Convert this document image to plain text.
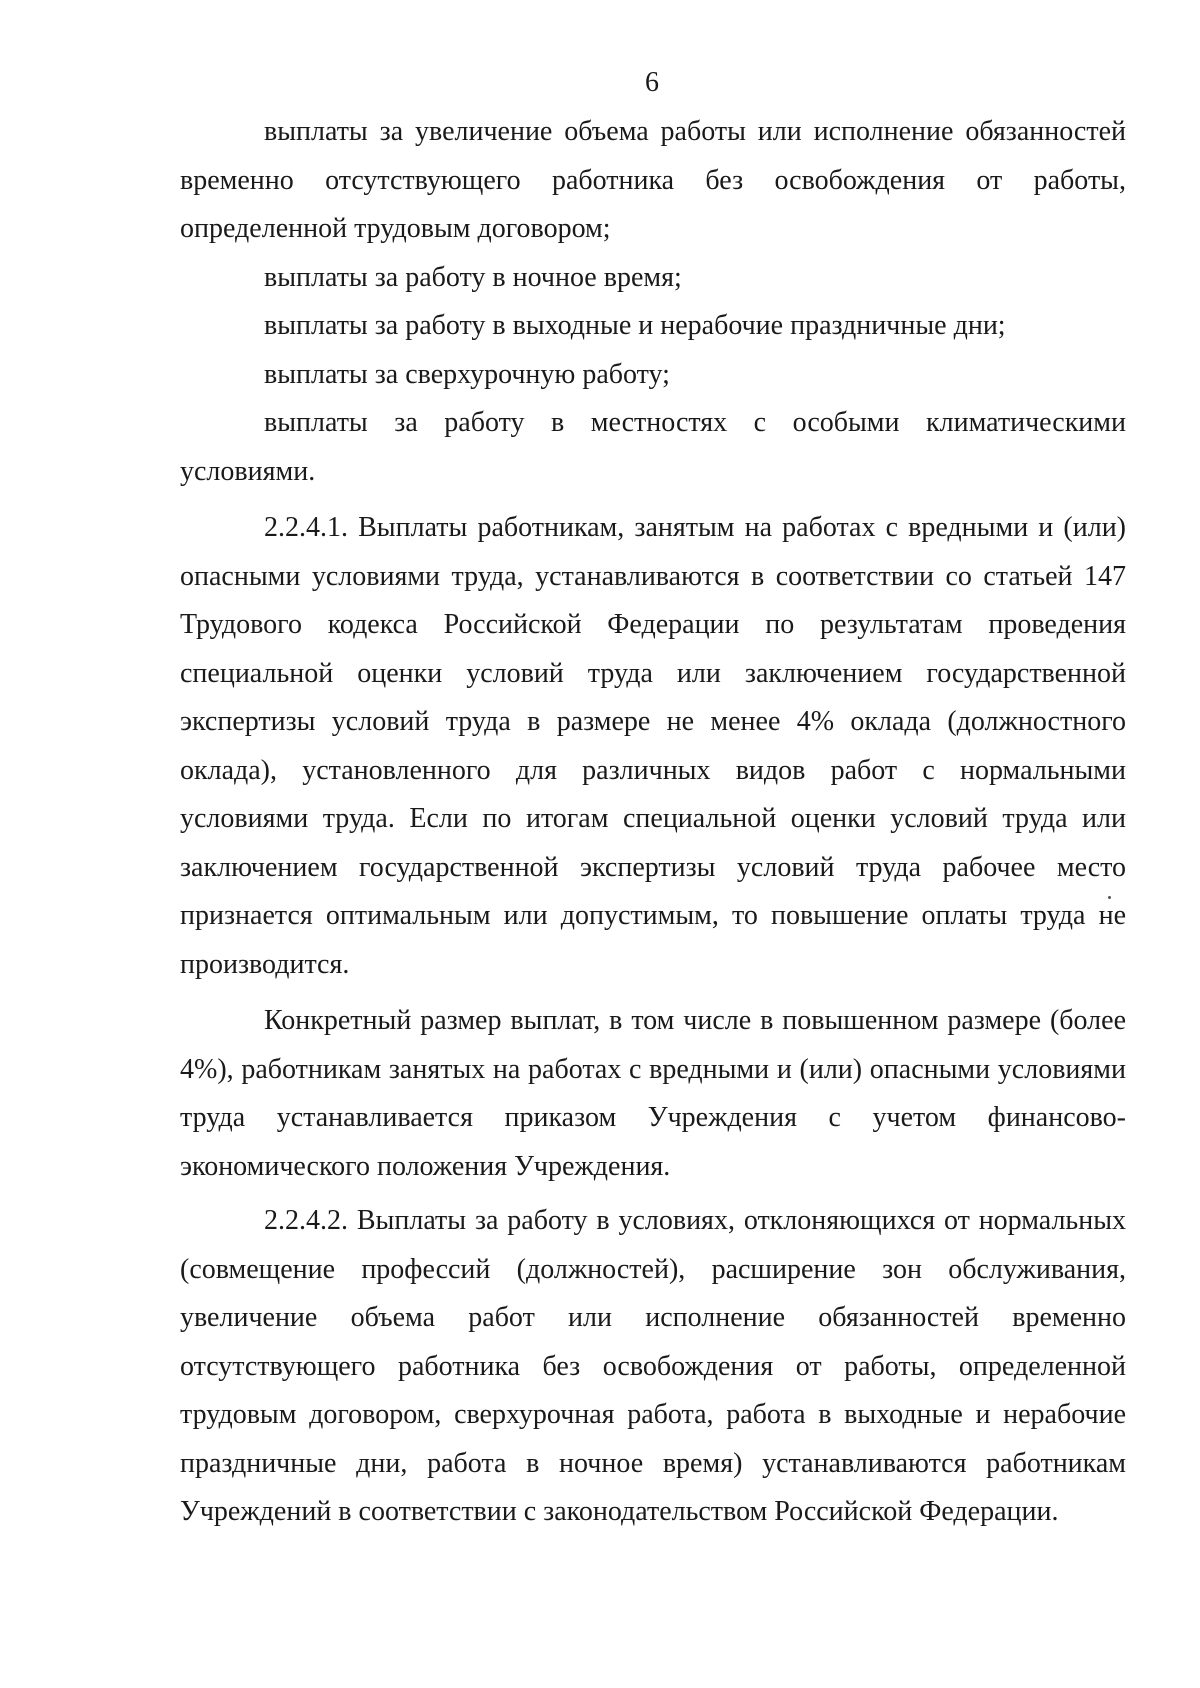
6

выплаты за увеличение объема работы или исполнение обязанностей временно отсутствующего работника без освобождения от работы, определенной трудовым договором;

выплаты за работу в ночное время;

выплаты за работу в выходные и нерабочие праздничные дни;

выплаты за сверхурочную работу;

выплаты за работу в местностях с особыми климатическими условиями.

2.2.4.1. Выплаты работникам, занятым на работах с вредными и (или) опасными условиями труда, устанавливаются в соответствии со статьей 147 Трудового кодекса Российской Федерации по результатам проведения специальной оценки условий труда или заключением государственной экспертизы условий труда в размере не менее 4% оклада (должностного оклада), установленного для различных видов работ с нормальными условиями труда. Если по итогам специальной оценки условий труда или заключением государственной экспертизы условий труда рабочее место признается оптимальным или допустимым, то повышение оплаты труда не производится.

Конкретный размер выплат, в том числе в повышенном размере (более 4%), работникам занятых на работах с вредными и (или) опасными условиями труда устанавливается приказом Учреждения с учетом финансово-экономического положения Учреждения.

2.2.4.2. Выплаты за работу в условиях, отклоняющихся от нормальных (совмещение профессий (должностей), расширение зон обслуживания, увеличение объема работ или исполнение обязанностей временно отсутствующего работника без освобождения от работы, определенной трудовым договором, сверхурочная работа, работа в выходные и нерабочие праздничные дни, работа в ночное время) устанавливаются работникам Учреждений в соответствии с законодательством Российской Федерации.
